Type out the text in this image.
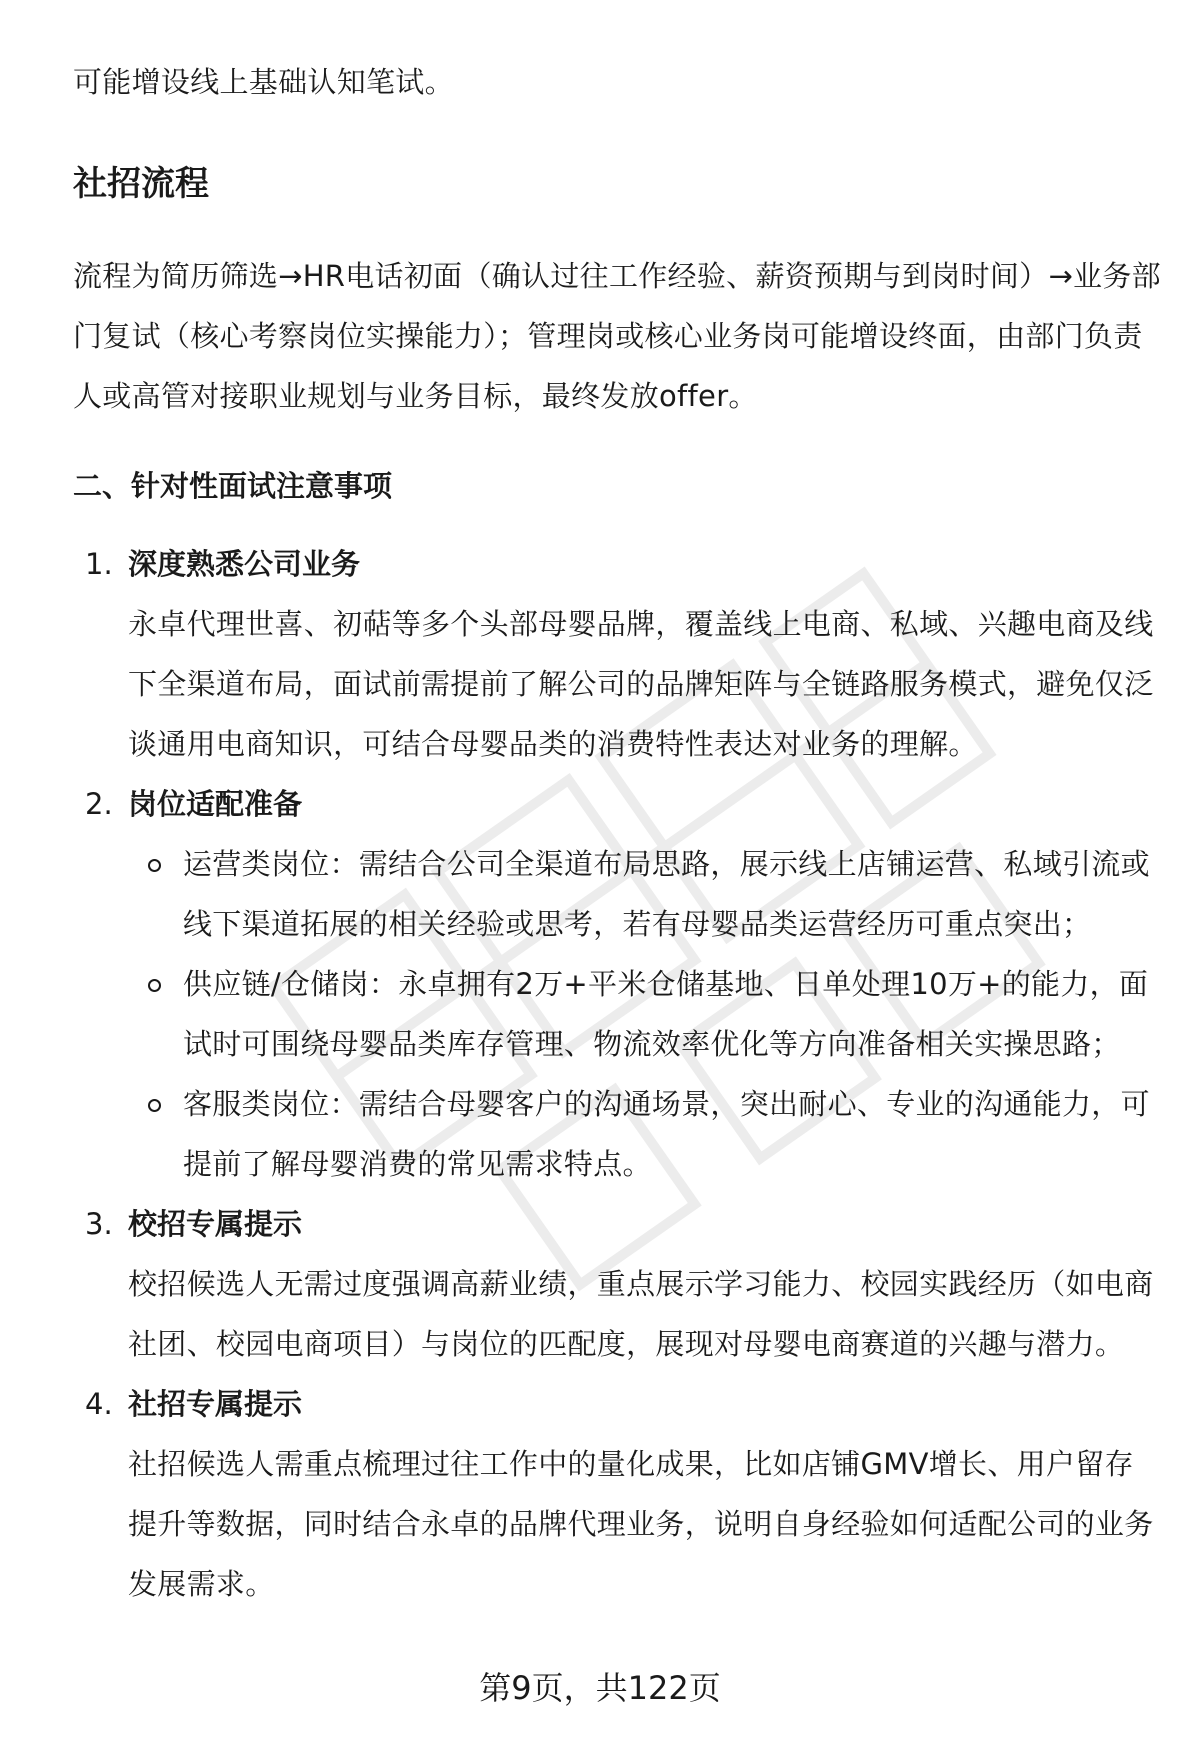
可能增设线上基础认知笔试。

社招流程

流程为简历筛选→HR电话初面（确认过往工作经验、薪资预期与到岗时间）→业务部门复试（核心考察岗位实操能力）；管理岗或核心业务岗可能增设终面，由部门负责人或高管对接职业规划与业务目标，最终发放offer。

二、针对性面试注意事项

1. 深度熟悉公司业务

永卓代理世喜、初萜等多个头部母婴品牌，覆盖线上电商、私域、兴趣电商及线下全渠道布局，面试前需提前了解公司的品牌矩阵与全链路服务模式，避免仅泛谈通用电商知识，可结合母婴品类的消费特性表达对业务的理解。

2. 岗位适配准备

运营类岗位：需结合公司全渠道布局思路，展示线上店铺运营、私域引流或线下渠道拓展的相关经验或思考，若有母婴品类运营经历可重点突出；

供应链/仓储岗：永卓拥有2万+平米仓储基地、日单处理10万+的能力，面试时可围绕母婴品类库存管理、物流效率优化等方向准备相关实操思路；

客服类岗位：需结合母婴客户的沟通场景，突出耐心、专业的沟通能力，可提前了解母婴消费的常见需求特点。

3. 校招专属提示

校招候选人无需过度强调高薪业绩，重点展示学习能力、校园实践经历（如电商社团、校园电商项目）与岗位的匹配度，展现对母婴电商赛道的兴趣与潜力。

4. 社招专属提示

社招候选人需重点梳理过往工作中的量化成果，比如店铺GMV增长、用户留存提升等数据，同时结合永卓的品牌代理业务，说明自身经验如何适配公司的业务发展需求。

第9页，共122页
